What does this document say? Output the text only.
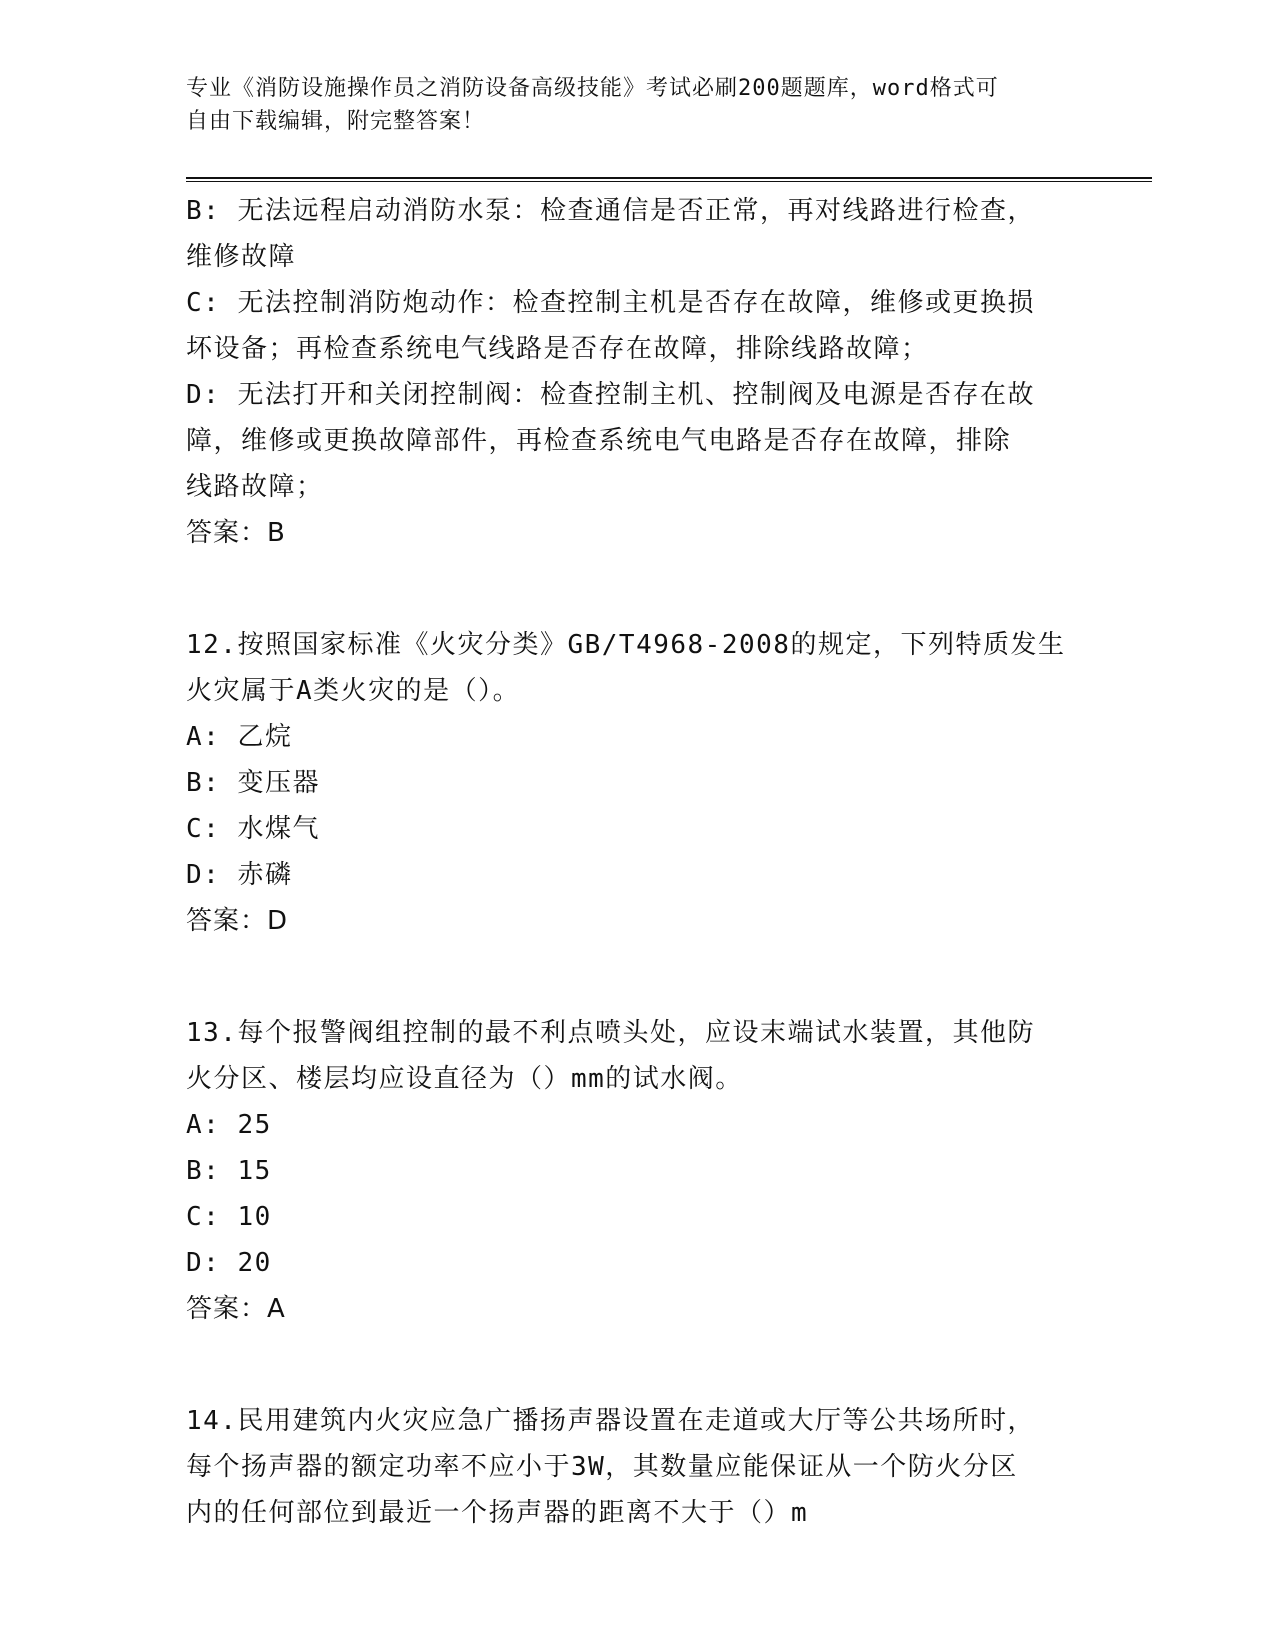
专业《消防设施操作员之消防设备高级技能》考试必刷200题题库，word格式可
自由下载编辑，附完整答案！

B: 无法远程启动消防水泵：检查通信是否正常，再对线路进行检查，

维修故障

C: 无法控制消防炮动作：检查控制主机是否存在故障，维修或更换损

坏设备；再检查系统电气线路是否存在故障，排除线路故障；

D: 无法打开和关闭控制阀：检查控制主机、控制阀及电源是否存在故

障，维修或更换故障部件，再检查系统电气电路是否存在故障，排除

线路故障；

答案：B

12.按照国家标准《火灾分类》GB/T4968-2008的规定，下列特质发生

火灾属于A类火灾的是（）。

A: 乙烷

B: 变压器

C: 水煤气

D: 赤磷

答案：D

13.每个报警阀组控制的最不利点喷头处，应设末端试水装置，其他防

火分区、楼层均应设直径为（）mm的试水阀。

A: 25

B: 15

C: 10

D: 20

答案：A

14.民用建筑内火灾应急广播扬声器设置在走道或大厅等公共场所时，

每个扬声器的额定功率不应小于3W，其数量应能保证从一个防火分区

内的任何部位到最近一个扬声器的距离不大于（）m
